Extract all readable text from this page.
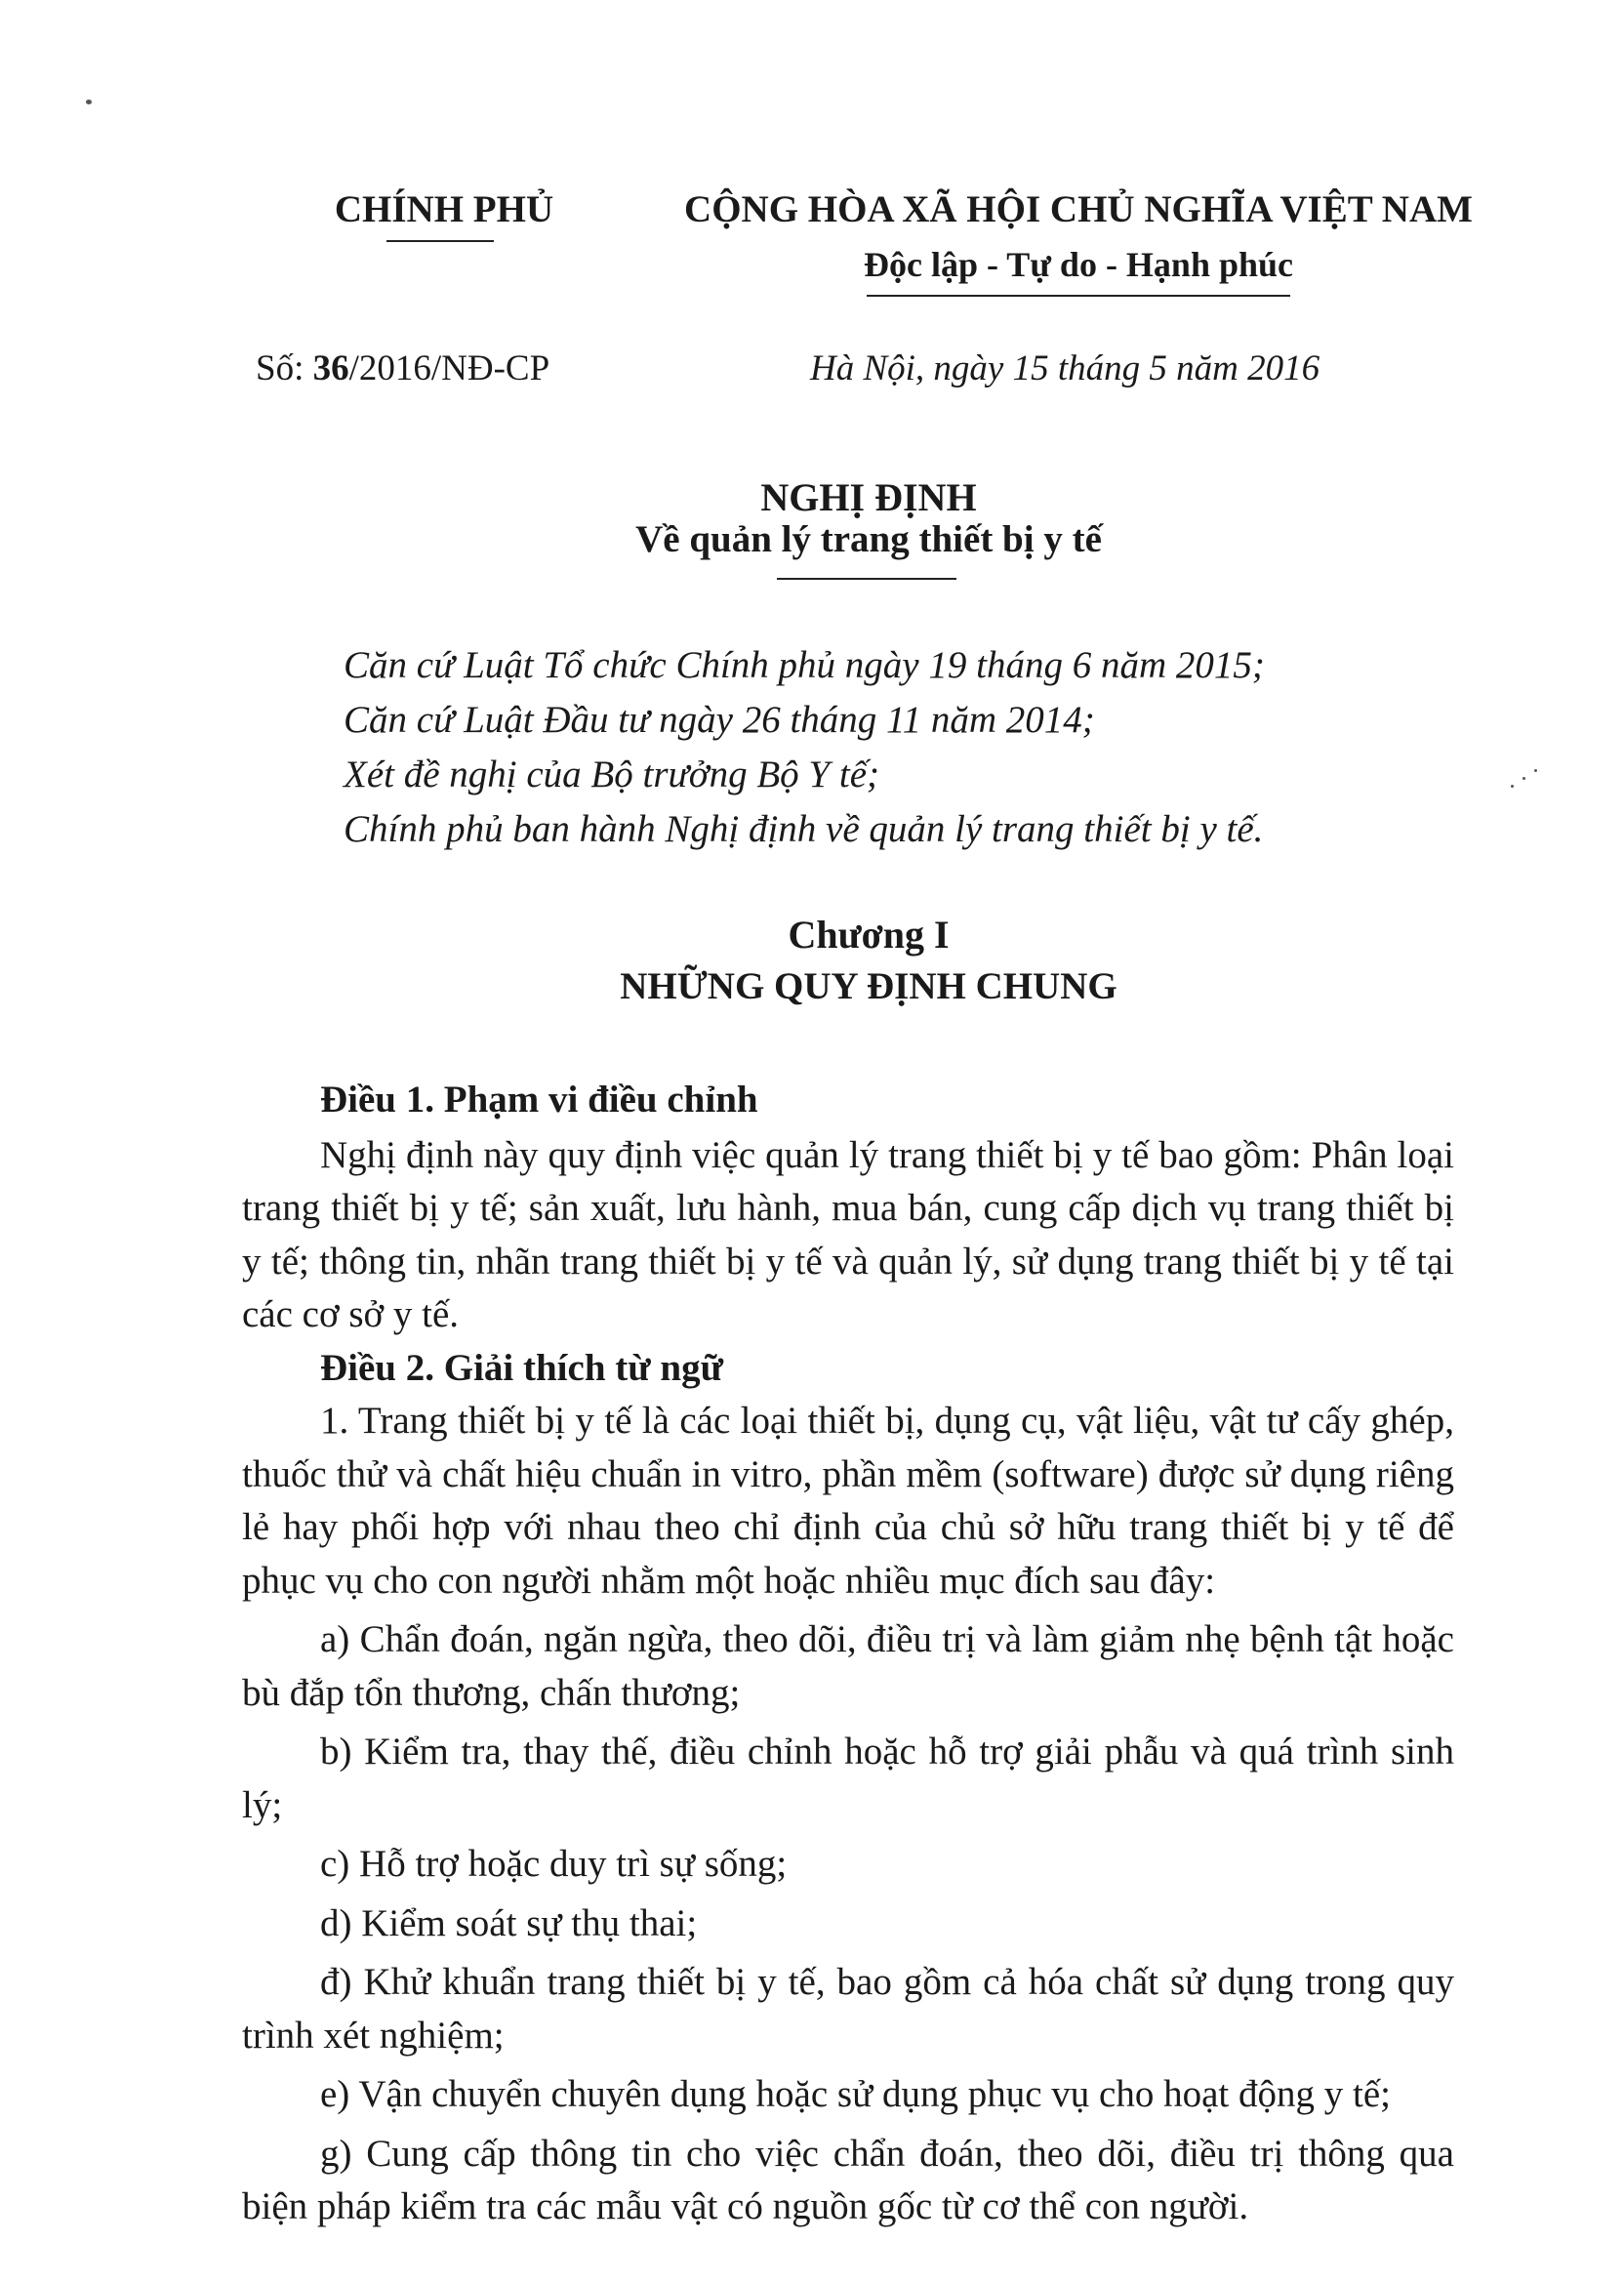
CHÍNH PHỦ	CỘNG HÒA XÃ HỘI CHỦ NGHĨA VIỆT NAM
Độc lập - Tự do - Hạnh phúc
Số: 36/2016/NĐ-CP	Hà Nội, ngày 15 tháng 5 năm 2016
NGHỊ ĐỊNH
Về quản lý trang thiết bị y tế
Căn cứ Luật Tổ chức Chính phủ ngày 19 tháng 6 năm 2015;
Căn cứ Luật Đầu tư ngày 26 tháng 11 năm 2014;
Xét đề nghị của Bộ trưởng Bộ Y tế;
Chính phủ ban hành Nghị định về quản lý trang thiết bị y tế.
Chương I
NHỮNG QUY ĐỊNH CHUNG

Điều 1. Phạm vi điều chỉnh

Nghị định này quy định việc quản lý trang thiết bị y tế bao gồm: Phân loại trang thiết bị y tế; sản xuất, lưu hành, mua bán, cung cấp dịch vụ trang thiết bị y tế; thông tin, nhãn trang thiết bị y tế và quản lý, sử dụng trang thiết bị y tế tại các cơ sở y tế.

Điều 2. Giải thích từ ngữ

1. Trang thiết bị y tế là các loại thiết bị, dụng cụ, vật liệu, vật tư cấy ghép, thuốc thử và chất hiệu chuẩn in vitro, phần mềm (software) được sử dụng riêng lẻ hay phối hợp với nhau theo chỉ định của chủ sở hữu trang thiết bị y tế để phục vụ cho con người nhằm một hoặc nhiều mục đích sau đây:

a) Chẩn đoán, ngăn ngừa, theo dõi, điều trị và làm giảm nhẹ bệnh tật hoặc bù đắp tổn thương, chấn thương;

b) Kiểm tra, thay thế, điều chỉnh hoặc hỗ trợ giải phẫu và quá trình sinh lý;

c) Hỗ trợ hoặc duy trì sự sống;

d) Kiểm soát sự thụ thai;

đ) Khử khuẩn trang thiết bị y tế, bao gồm cả hóa chất sử dụng trong quy trình xét nghiệm;

e) Vận chuyển chuyên dụng hoặc sử dụng phục vụ cho hoạt động y tế;

g) Cung cấp thông tin cho việc chẩn đoán, theo dõi, điều trị thông qua biện pháp kiểm tra các mẫu vật có nguồn gốc từ cơ thể con người.
